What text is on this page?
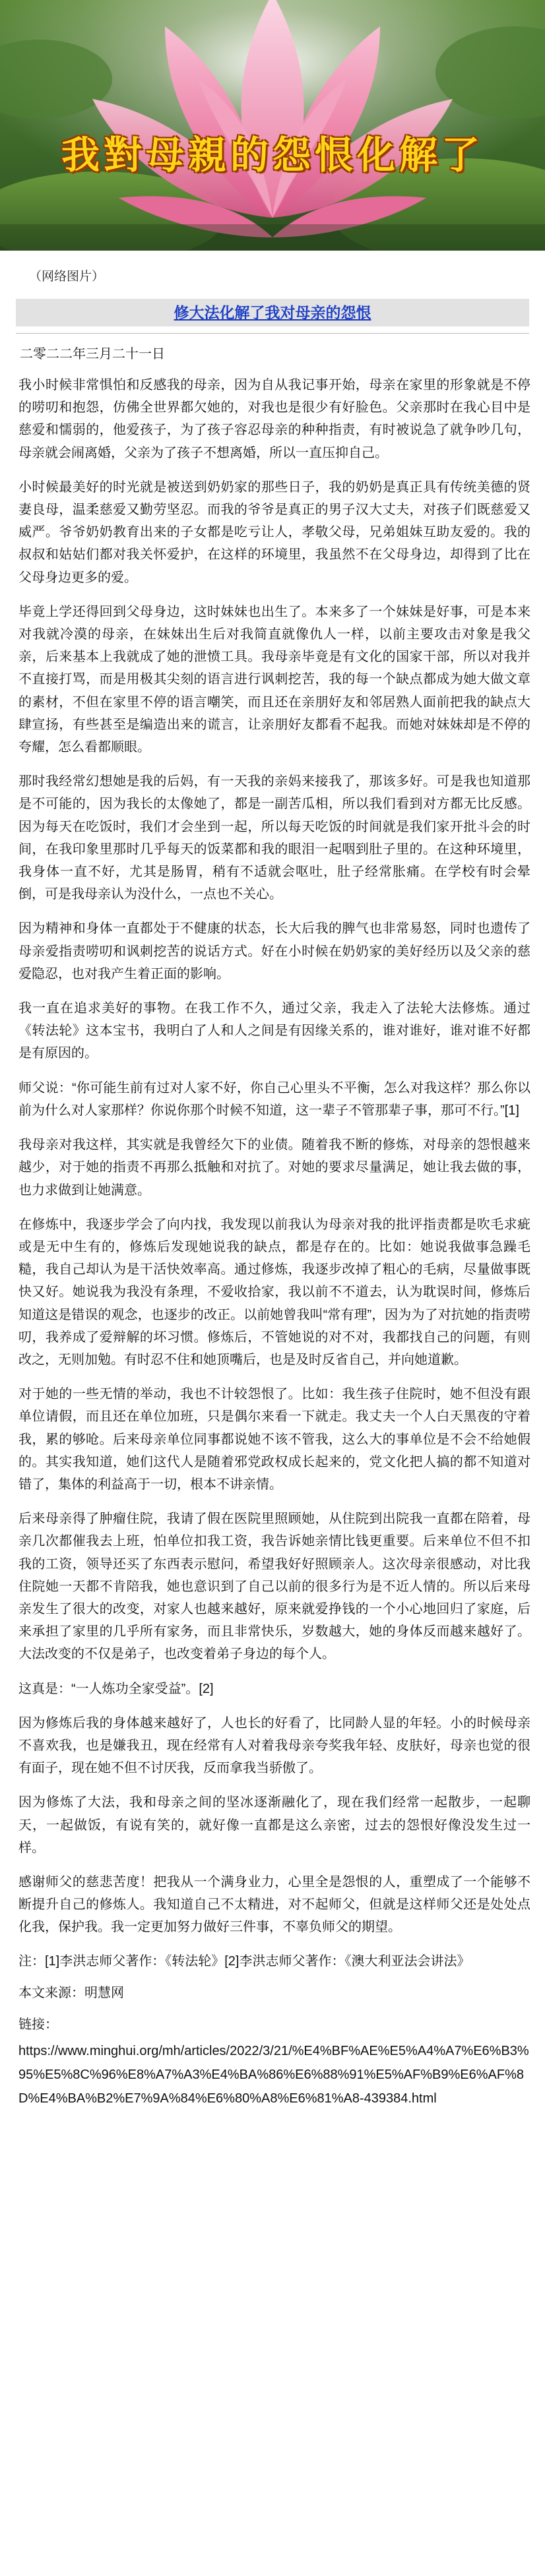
我對母親的怨恨化解了
（网络图片）
修大法化解了我对母亲的怨恨
二零二二年三月二十一日
我小时候非常惧怕和反感我的母亲，因为自从我记事开始，母亲在家里的形象就是不停的唠叨和抱怨，仿佛全世界都欠她的，对我也是很少有好脸色。父亲那时在我心目中是慈爱和懦弱的，他爱孩子，为了孩子容忍母亲的种种指责，有时被说急了就争吵几句，母亲就会闹离婚，父亲为了孩子不想离婚，所以一直压抑自己。
小时候最美好的时光就是被送到奶奶家的那些日子，我的奶奶是真正具有传统美德的贤妻良母，温柔慈爱又勤劳坚忍。而我的爷爷是真正的男子汉大丈夫，对孩子们既慈爱又威严。爷爷奶奶教育出来的子女都是吃亏让人，孝敬父母，兄弟姐妹互助友爱的。我的叔叔和姑姑们都对我关怀爱护，在这样的环境里，我虽然不在父母身边，却得到了比在父母身边更多的爱。
毕竟上学还得回到父母身边，这时妹妹也出生了。本来多了一个妹妹是好事，可是本来对我就冷漠的母亲，在妹妹出生后对我简直就像仇人一样，以前主要攻击对象是我父亲，后来基本上我就成了她的泄愤工具。我母亲毕竟是有文化的国家干部，所以对我并不直接打骂，而是用极其尖刻的语言进行讽刺挖苦，我的每一个缺点都成为她大做文章的素材，不但在家里不停的语言嘲笑，而且还在亲朋好友和邻居熟人面前把我的缺点大肆宣扬，有些甚至是编造出来的谎言，让亲朋好友都看不起我。而她对妹妹却是不停的夸耀，怎么看都顺眼。
那时我经常幻想她是我的后妈，有一天我的亲妈来接我了，那该多好。可是我也知道那是不可能的，因为我长的太像她了，都是一副苦瓜相，所以我们看到对方都无比反感。因为每天在吃饭时，我们才会坐到一起，所以每天吃饭的时间就是我们家开批斗会的时间，在我印象里那时几乎每天的饭菜都和我的眼泪一起咽到肚子里的。在这种环境里，我身体一直不好，尤其是肠胃，稍有不适就会呕吐，肚子经常胀痛。在学校有时会晕倒，可是我母亲认为没什么，一点也不关心。
因为精神和身体一直都处于不健康的状态，长大后我的脾气也非常易怒，同时也遗传了母亲爱指责唠叨和讽刺挖苦的说话方式。好在小时候在奶奶家的美好经历以及父亲的慈爱隐忍，也对我产生着正面的影响。
我一直在追求美好的事物。在我工作不久，通过父亲，我走入了法轮大法修炼。通过《转法轮》这本宝书，我明白了人和人之间是有因缘关系的，谁对谁好，谁对谁不好都是有原因的。
师父说：“你可能生前有过对人家不好，你自己心里头不平衡，怎么对我这样？那么你以前为什么对人家那样？你说你那个时候不知道，这一辈子不管那辈子事，那可不行。”[1]
我母亲对我这样，其实就是我曾经欠下的业债。随着我不断的修炼，对母亲的怨恨越来越少，对于她的指责不再那么抵触和对抗了。对她的要求尽量满足，她让我去做的事，也力求做到让她满意。
在修炼中，我逐步学会了向内找，我发现以前我认为母亲对我的批评指责都是吹毛求疵或是无中生有的，修炼后发现她说我的缺点，都是存在的。比如：她说我做事急躁毛糙，我自己却认为是干活快效率高。通过修炼，我逐步改掉了粗心的毛病，尽量做事既快又好。她说我为我没有条理，不爱收拾家，我以前不不道去，认为耽误时间，修炼后知道这是错误的观念，也逐步的改正。以前她曾我叫“常有理”，因为为了对抗她的指责唠叨，我养成了爱辩解的坏习惯。修炼后，不管她说的对不对，我都找自己的问题，有则改之，无则加勉。有时忍不住和她顶嘴后，也是及时反省自己，并向她道歉。
对于她的一些无情的举动，我也不计较怨恨了。比如：我生孩子住院时，她不但没有跟单位请假，而且还在单位加班，只是偶尔来看一下就走。我丈夫一个人白天黑夜的守着我，累的够呛。后来母亲单位同事都说她不该不管我，这么大的事单位是不会不给她假的。其实我知道，她们这代人是随着邪党政权成长起来的，党文化把人搞的都不知道对错了，集体的利益高于一切，根本不讲亲情。
后来母亲得了肿瘤住院，我请了假在医院里照顾她，从住院到出院我一直都在陪着，母亲几次都催我去上班，怕单位扣我工资，我告诉她亲情比钱更重要。后来单位不但不扣我的工资，领导还买了东西表示慰问，希望我好好照顾亲人。这次母亲很感动，对比我住院她一天都不肯陪我，她也意识到了自己以前的很多行为是不近人情的。所以后来母亲发生了很大的改变，对家人也越来越好，原来就爱挣钱的一个小心地回归了家庭，后来承担了家里的几乎所有家务，而且非常快乐，岁数越大，她的身体反而越来越好了。大法改变的不仅是弟子，也改变着弟子身边的每个人。
这真是：“一人炼功全家受益”。[2]
因为修炼后我的身体越来越好了，人也长的好看了，比同龄人显的年轻。小的时候母亲不喜欢我，也是嫌我丑，现在经常有人对着我母亲夸奖我年轻、皮肤好，母亲也觉的很有面子，现在她不但不讨厌我，反而拿我当骄傲了。
因为修炼了大法，我和母亲之间的坚冰逐渐融化了，现在我们经常一起散步，一起聊天，一起做饭，有说有笑的，就好像一直都是这么亲密，过去的怨恨好像没发生过一样。
感谢师父的慈悲苦度！把我从一个满身业力，心里全是怨恨的人，重塑成了一个能够不断提升自己的修炼人。我知道自己不太精进，对不起师父，但就是这样师父还是处处点化我，保护我。我一定更加努力做好三件事，不辜负师父的期望。
注：[1]李洪志师父著作：《转法轮》[2]李洪志师父著作：《澳大利亚法会讲法》
本文来源：明慧网
链接：
https://www.minghui.org/mh/articles/2022/3/21/%E4%BF%AE%E5%A4%A7%E6%B3%95%E5%8C%96%E8%A7%A3%E4%BA%86%E6%88%91%E5%AF%B9%E6%AF%8D%E4%BA%B2%E7%9A%84%E6%80%A8%E6%81%A8-439384.html
